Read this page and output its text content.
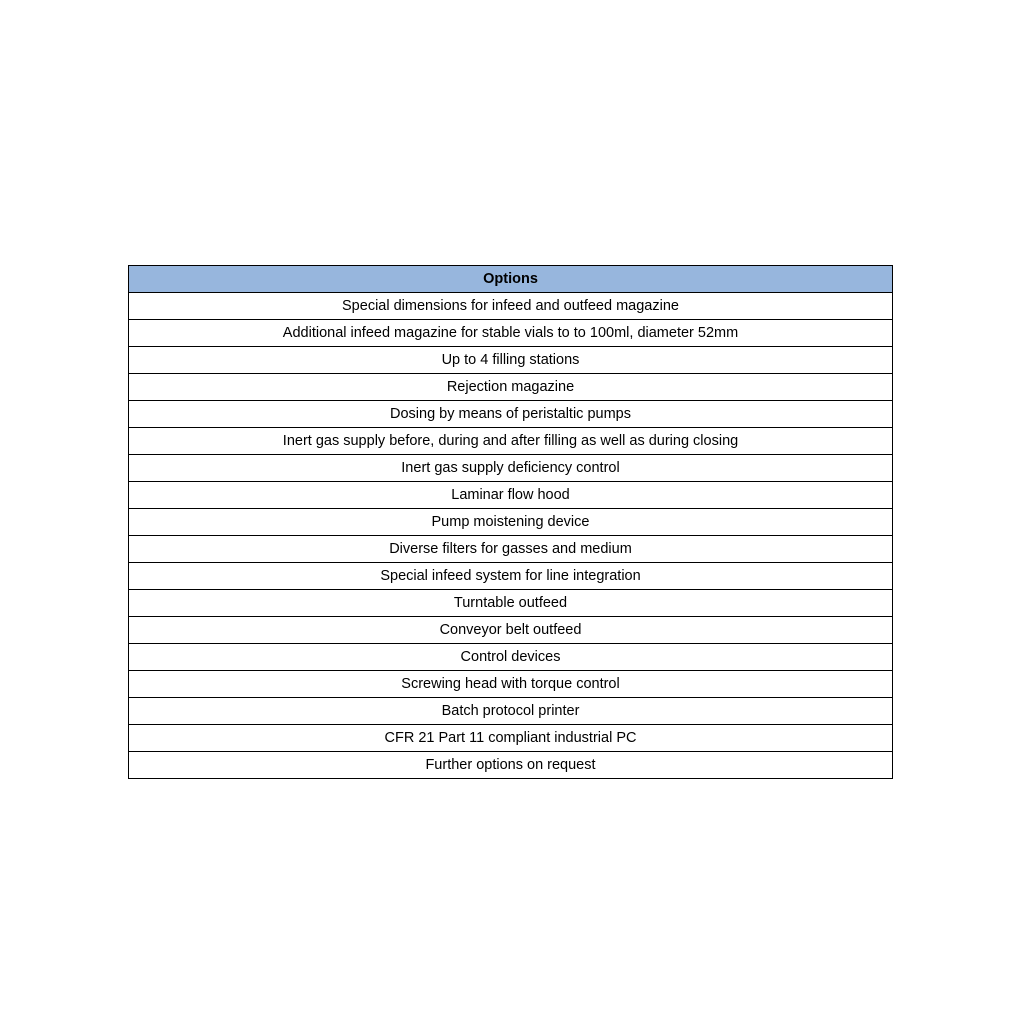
Options
Special dimensions for infeed and outfeed magazine
Additional infeed magazine for stable vials to to 100ml, diameter 52mm
Up to 4 filling stations
Rejection magazine
Dosing by means of peristaltic pumps
Inert gas supply before, during and after filling as well as during closing
Inert gas supply deficiency control
Laminar flow hood
Pump moistening device
Diverse filters for gasses and medium
Special infeed system for line integration
Turntable outfeed
Conveyor belt outfeed
Control devices
Screwing head with torque control
Batch protocol printer
CFR 21 Part 11 compliant industrial PC
Further options on request
